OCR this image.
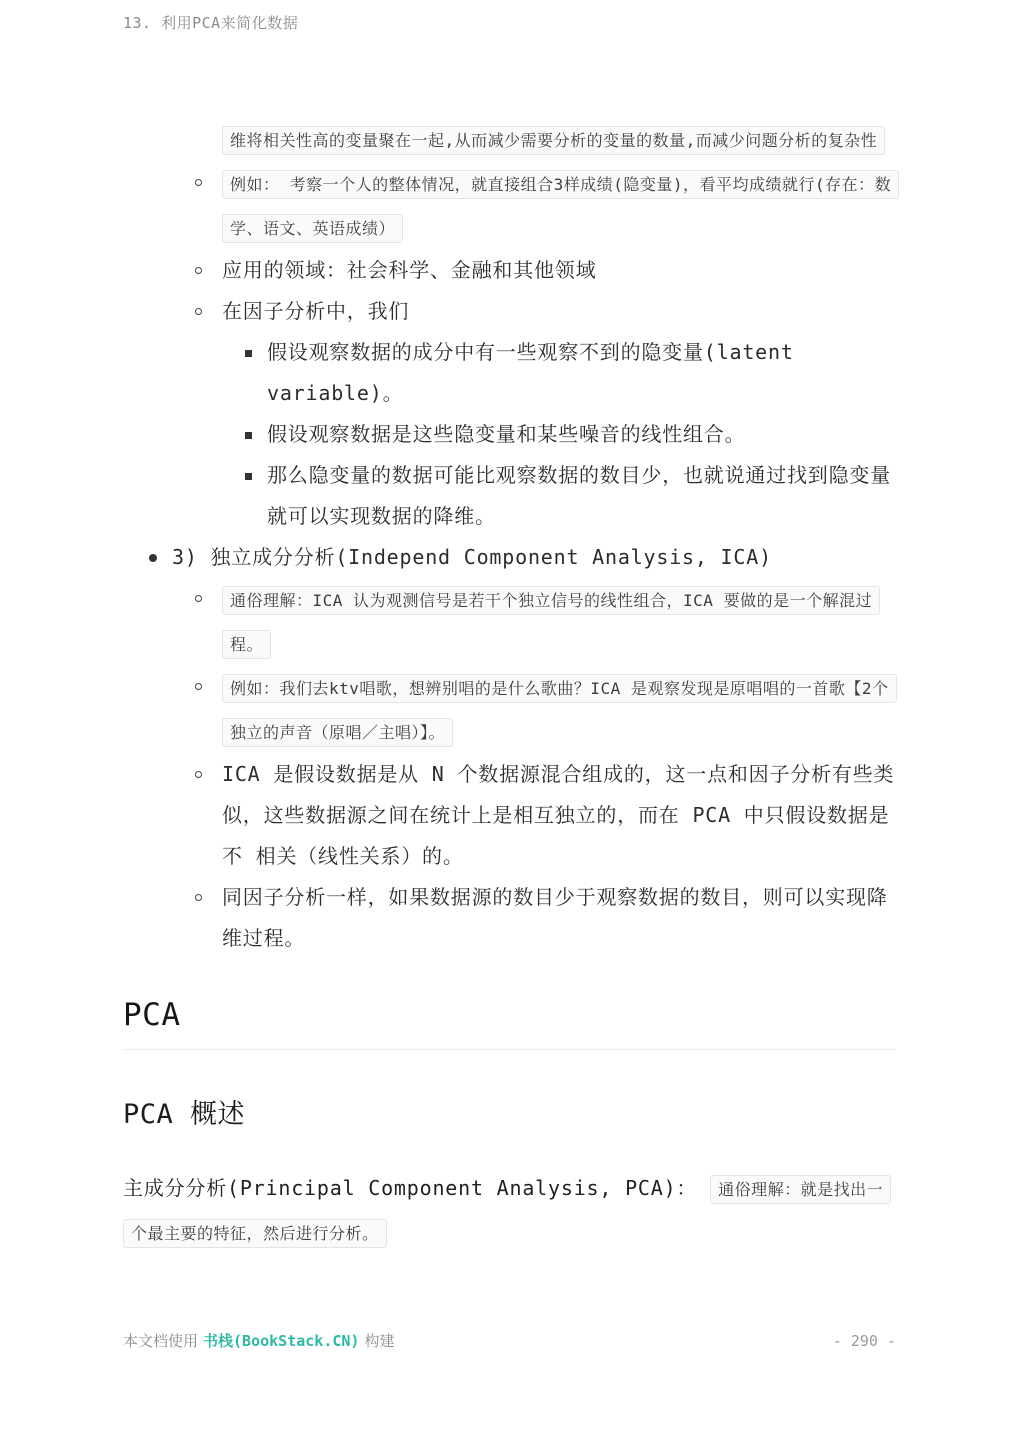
13. 利用PCA来简化数据
维将相关性高的变量聚在一起,从而减少需要分析的变量的数量,而减少问题分析的复杂性
例如： 考察一个人的整体情况，就直接组合3样成绩(隐变量)，看平均成绩就行(存在：数学、语文、英语成绩）
应用的领域：社会科学、金融和其他领域
在因子分析中，我们
假设观察数据的成分中有一些观察不到的隐变量(latent variable)。
假设观察数据是这些隐变量和某些噪音的线性组合。
那么隐变量的数据可能比观察数据的数目少，也就说通过找到隐变量就可以实现数据的降维。
3) 独立成分分析(Independ Component Analysis, ICA)
通俗理解：ICA 认为观测信号是若干个独立信号的线性组合，ICA 要做的是一个解混过程。
例如：我们去ktv唱歌，想辨别唱的是什么歌曲？ICA 是观察发现是原唱唱的一首歌【2个独立的声音（原唱／主唱）】。
ICA 是假设数据是从 N 个数据源混合组成的，这一点和因子分析有些类似，这些数据源之间在统计上是相互独立的，而在 PCA 中只假设数据是不 相关（线性关系）的。
同因子分析一样，如果数据源的数目少于观察数据的数目，则可以实现降维过程。
PCA
PCA 概述

主成分分析(Principal Component Analysis, PCA)： 通俗理解：就是找出一个最主要的特征，然后进行分析。

本文档使用 书栈(BookStack.CN) 构建	- 290 -
